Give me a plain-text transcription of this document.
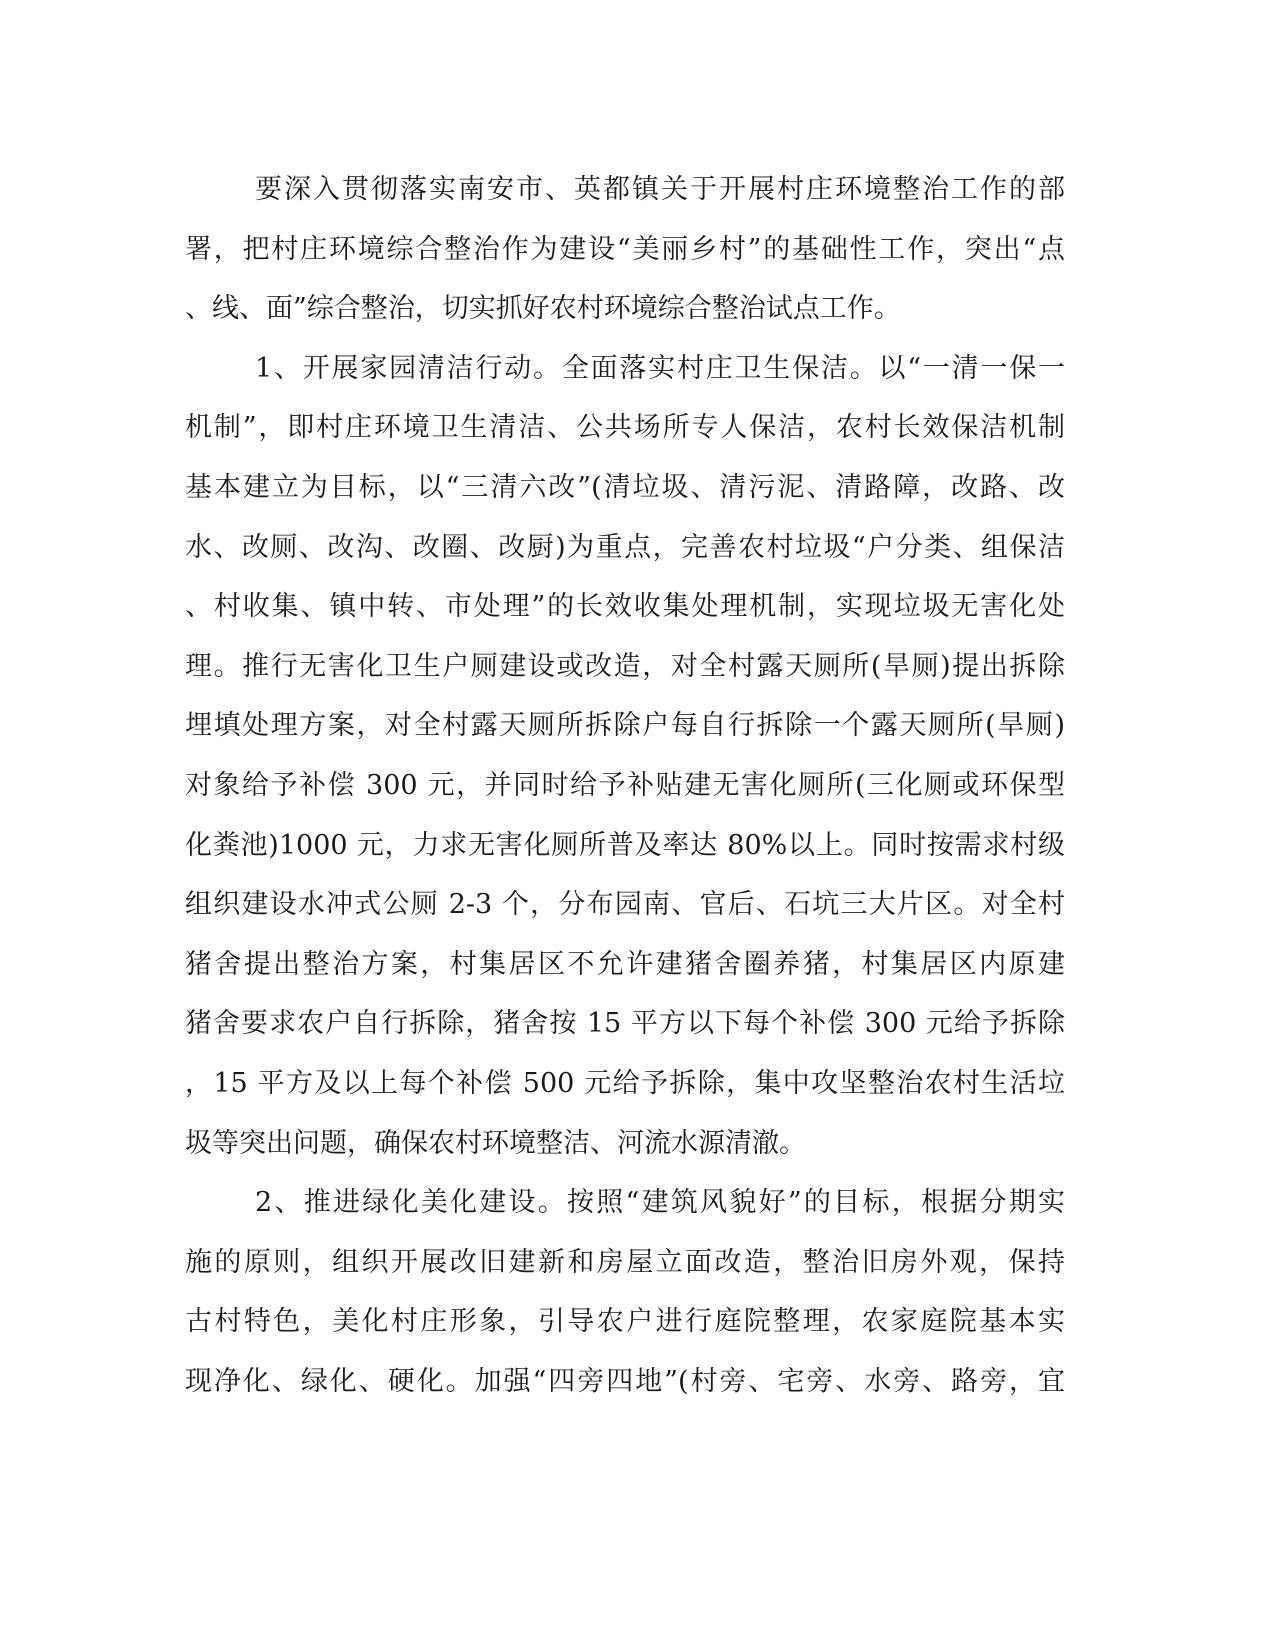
要深入贯彻落实南安市、英都镇关于开展村庄环境整治工作的部
署，把村庄环境综合整治作为建设“美丽乡村”的基础性工作，突出“点
、线、面”综合整治，切实抓好农村环境综合整治试点工作。
1、开展家园清洁行动。全面落实村庄卫生保洁。以“一清一保一
机制”，即村庄环境卫生清洁、公共场所专人保洁，农村长效保洁机制
基本建立为目标，以“三清六改”(清垃圾、清污泥、清路障，改路、改
水、改厕、改沟、改圈、改厨)为重点，完善农村垃圾“户分类、组保洁
、村收集、镇中转、市处理”的长效收集处理机制，实现垃圾无害化处
理。推行无害化卫生户厕建设或改造，对全村露天厕所(旱厕)提出拆除
埋填处理方案，对全村露天厕所拆除户每自行拆除一个露天厕所(旱厕)
对象给予补偿 300 元，并同时给予补贴建无害化厕所(三化厕或环保型
化粪池)1000 元，力求无害化厕所普及率达 80%以上。同时按需求村级
组织建设水冲式公厕 2-3 个，分布园南、官后、石坑三大片区。对全村
猪舍提出整治方案，村集居区不允许建猪舍圈养猪，村集居区内原建
猪舍要求农户自行拆除，猪舍按 15 平方以下每个补偿 300 元给予拆除
，15 平方及以上每个补偿 500 元给予拆除，集中攻坚整治农村生活垃
圾等突出问题，确保农村环境整洁、河流水源清澈。
2、推进绿化美化建设。按照“建筑风貌好”的目标，根据分期实
施的原则，组织开展改旧建新和房屋立面改造，整治旧房外观，保持
古村特色，美化村庄形象，引导农户进行庭院整理，农家庭院基本实
现净化、绿化、硬化。加强“四旁四地”(村旁、宅旁、水旁、路旁，宜
